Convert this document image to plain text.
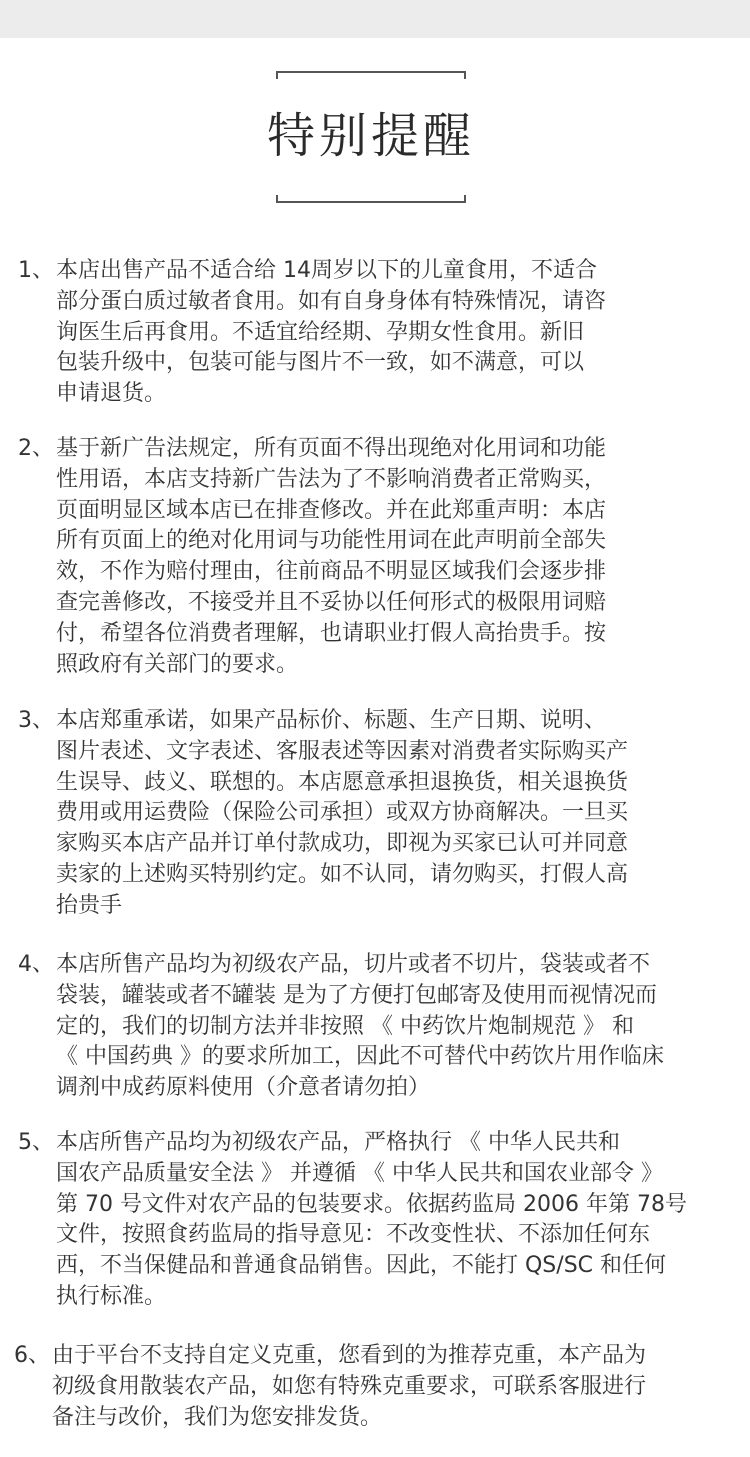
特别提醒
1、 本店出售产品不适合给 14周岁以下的儿童食用，不适合
部分蛋白质过敏者食用。如有自身身体有特殊情况，请咨
询医生后再食用。不适宜给经期、孕期女性食用。新旧
包装升级中，包装可能与图片不一致，如不满意，可以
申请退货。
2、 基于新广告法规定，所有页面不得出现绝对化用词和功能
性用语，本店支持新广告法为了不影响消费者正常购买，
页面明显区域本店已在排查修改。并在此郑重声明：本店
所有页面上的绝对化用词与功能性用词在此声明前全部失
效，不作为赔付理由，往前商品不明显区域我们会逐步排
查完善修改，不接受并且不妥协以任何形式的极限用词赔
付，希望各位消费者理解，也请职业打假人高抬贵手。按
照政府有关部门的要求。
3、 本店郑重承诺，如果产品标价、标题、生产日期、说明、
图片表述、文字表述、客服表述等因素对消费者实际购买产
生误导、歧义、联想的。本店愿意承担退换货，相关退换货
费用或用运费险（保险公司承担）或双方协商解决。一旦买
家购买本店产品并订单付款成功，即视为买家已认可并同意
卖家的上述购买特别约定。如不认同，请勿购买，打假人高
抬贵手
4、 本店所售产品均为初级农产品，切片或者不切片，袋装或者不
袋装，罐装或者不罐装 是为了方便打包邮寄及使用而视情况而
定的，我们的切制方法并非按照 《 中药饮片炮制规范 》 和
《 中国药典 》的要求所加工，因此不可替代中药饮片用作临床
调剂中成药原料使用（介意者请勿拍）
5、 本店所售产品均为初级农产品，严格执行 《 中华人民共和
国农产品质量安全法 》 并遵循 《 中华人民共和国农业部令 》
第 70 号文件对农产品的包装要求。依据药监局 2006 年第 78号
文件，按照食药监局的指导意见：不改变性状、不添加任何东
西，不当保健品和普通食品销售。因此，不能打 QS/SC 和任何
执行标准。
6、 由于平台不支持自定义克重，您看到的为推荐克重，本产品为
初级食用散装农产品，如您有特殊克重要求，可联系客服进行
备注与改价，我们为您安排发货。
